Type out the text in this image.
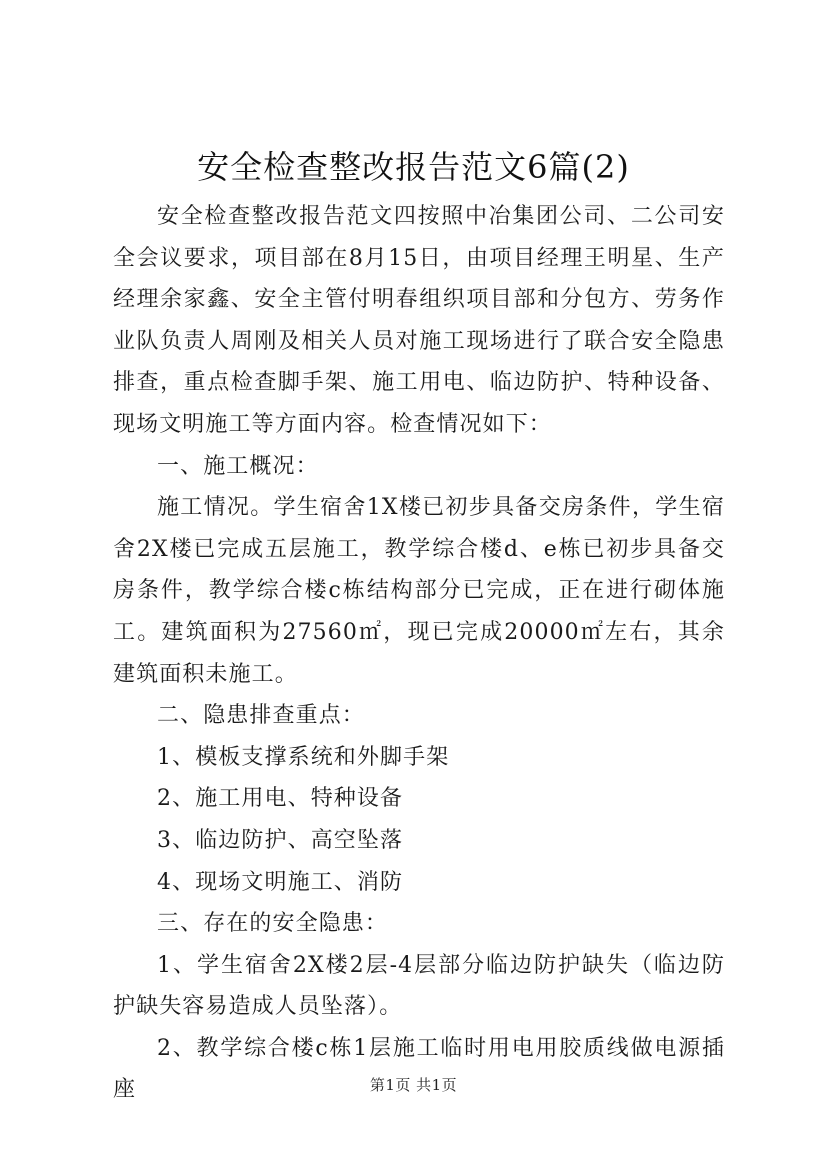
安全检查整改报告范文6篇(2)

安全检查整改报告范文四按照中冶集团公司、二公司安全会议要求，项目部在8月15日，由项目经理王明星、生产经理余家鑫、安全主管付明春组织项目部和分包方、劳务作业队负责人周刚及相关人员对施工现场进行了联合安全隐患排查，重点检查脚手架、施工用电、临边防护、特种设备、现场文明施工等方面内容。检查情况如下：

一、施工概况：

施工情况。学生宿舍1X楼已初步具备交房条件，学生宿舍2X楼已完成五层施工，教学综合楼d、e栋已初步具备交房条件，教学综合楼c栋结构部分已完成，正在进行砌体施工。建筑面积为27560㎡，现已完成20000㎡左右，其余建筑面积未施工。

二、隐患排查重点：

1、模板支撑系统和外脚手架

2、施工用电、特种设备

3、临边防护、高空坠落

4、现场文明施工、消防

三、存在的安全隐患：

1、学生宿舍2X楼2层-4层部分临边防护缺失（临边防护缺失容易造成人员坠落）。

2、教学综合楼c栋1层施工临时用电用胶质线做电源插座	第1页 共1页
